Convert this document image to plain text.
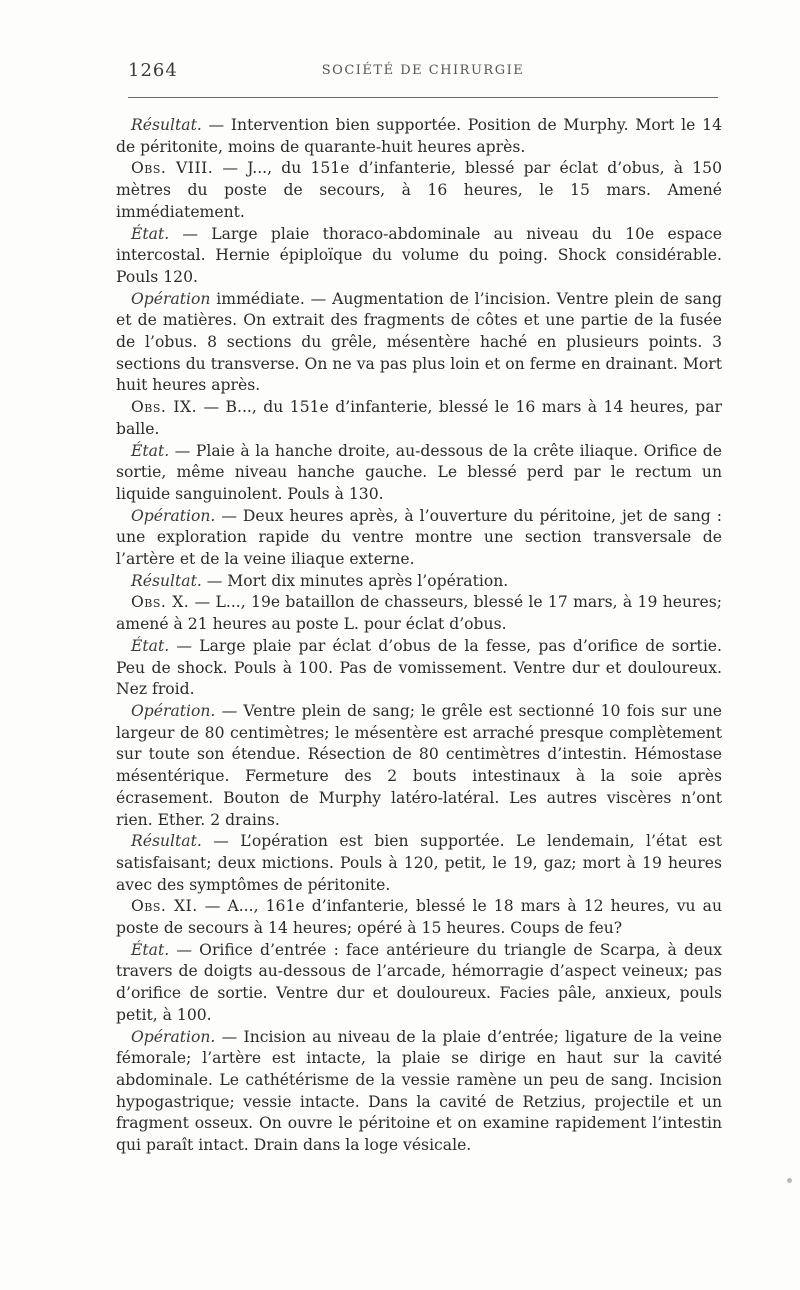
1264	SOCIÉTÉ DE CHIRURGIE

Résultat. — Intervention bien supportée. Position de Murphy. Mort le 14 de péritonite, moins de quarante-huit heures après.

Obs. VIII. — J..., du 151e d’infanterie, blessé par éclat d’obus, à 150 mètres du poste de secours, à 16 heures, le 15 mars. Amené immédiatement.

État. — Large plaie thoraco-abdominale au niveau du 10e espace intercostal. Hernie épiploïque du volume du poing. Shock considérable. Pouls 120.

Opération immédiate. — Augmentation de l’incision. Ventre plein de sang et de matières. On extrait des fragments de côtes et une partie de la fusée de l’obus. 8 sections du grêle, mésentère haché en plusieurs points. 3 sections du transverse. On ne va pas plus loin et on ferme en drainant. Mort huit heures après.

Obs. IX. — B..., du 151e d’infanterie, blessé le 16 mars à 14 heures, par balle.

État. — Plaie à la hanche droite, au-dessous de la crête iliaque. Orifice de sortie, même niveau hanche gauche. Le blessé perd par le rectum un liquide sanguinolent. Pouls à 130.

Opération. — Deux heures après, à l’ouverture du péritoine, jet de sang : une exploration rapide du ventre montre une section transversale de l’artère et de la veine iliaque externe.

Résultat. — Mort dix minutes après l’opération.

Obs. X. — L..., 19e bataillon de chasseurs, blessé le 17 mars, à 19 heures; amené à 21 heures au poste L. pour éclat d’obus.

État. — Large plaie par éclat d’obus de la fesse, pas d’orifice de sortie. Peu de shock. Pouls à 100. Pas de vomissement. Ventre dur et douloureux. Nez froid.

Opération. — Ventre plein de sang; le grêle est sectionné 10 fois sur une largeur de 80 centimètres; le mésentère est arraché presque complètement sur toute son étendue. Résection de 80 centimètres d’intestin. Hémostase mésentérique. Fermeture des 2 bouts intestinaux à la soie après écrasement. Bouton de Murphy latéro-latéral. Les autres viscères n’ont rien. Ether. 2 drains.

Résultat. — L’opération est bien supportée. Le lendemain, l’état est satisfaisant; deux mictions. Pouls à 120, petit, le 19, gaz; mort à 19 heures avec des symptômes de péritonite.

Obs. XI. — A..., 161e d’infanterie, blessé le 18 mars à 12 heures, vu au poste de secours à 14 heures; opéré à 15 heures. Coups de feu?

État. — Orifice d’entrée : face antérieure du triangle de Scarpa, à deux travers de doigts au-dessous de l’arcade, hémorragie d’aspect veineux; pas d’orifice de sortie. Ventre dur et douloureux. Facies pâle, anxieux, pouls petit, à 100.

Opération. — Incision au niveau de la plaie d’entrée; ligature de la veine fémorale; l’artère est intacte, la plaie se dirige en haut sur la cavité abdominale. Le cathétérisme de la vessie ramène un peu de sang. Incision hypogastrique; vessie intacte. Dans la cavité de Retzius, projectile et un fragment osseux. On ouvre le péritoine et on examine rapidement l’intestin qui paraît intact. Drain dans la loge vésicale.
